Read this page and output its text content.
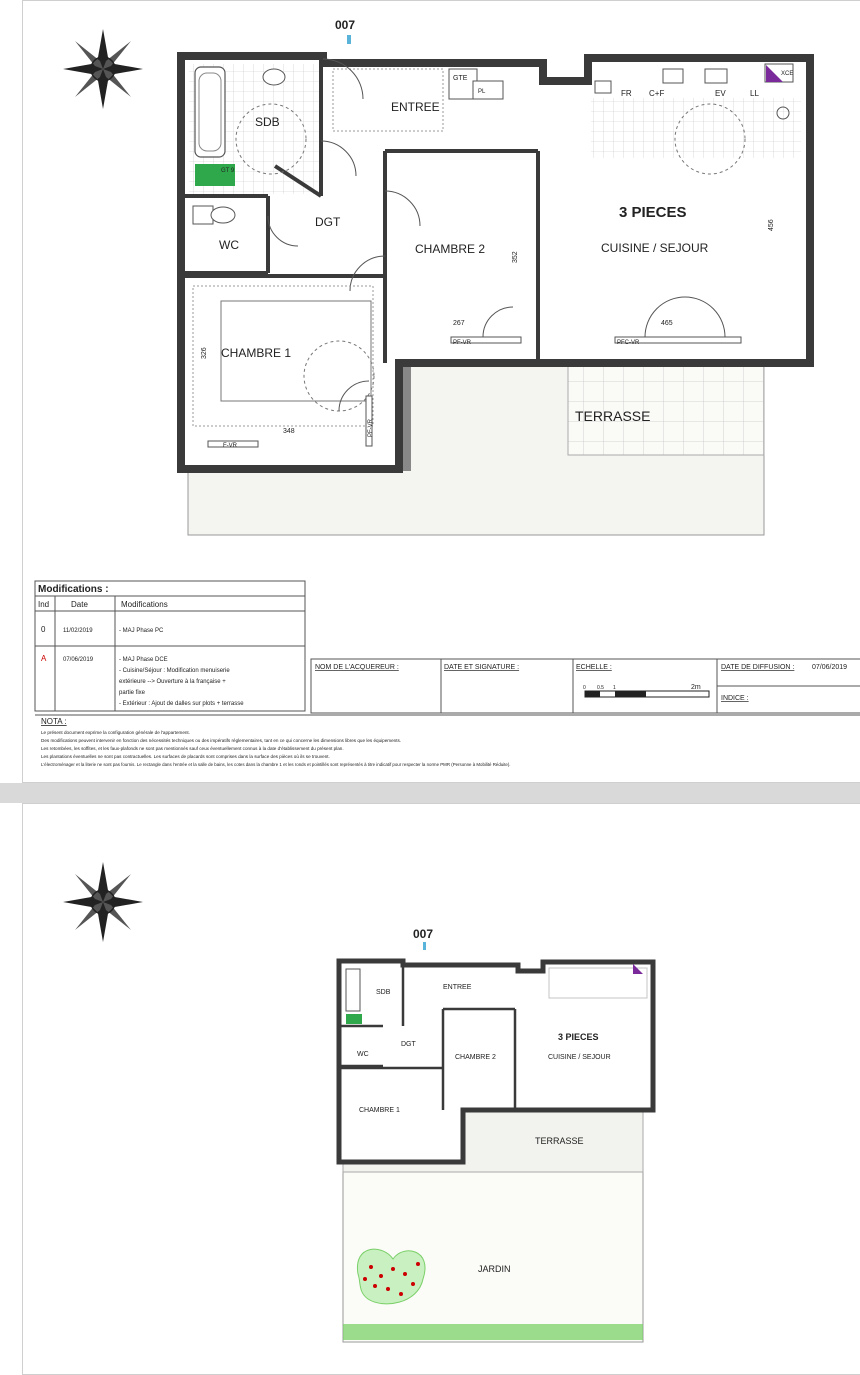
007
SDB
GT 9
WC
GTE
PL
ENTREE
DGT
CHAMBRE 2
352
267
PF-VR
CHAMBRE 1
326
348
F-VR
PF-VR
FR C+F	EV	LL
XCE
3 PIECES
CUISINE / SEJOUR
456
465
PFC-VR
TERRASSE
Modifications :
Ind	Date	Modifications
0	11/02/2019	- MAJ Phase PC
A	07/06/2019	- MAJ Phase DCE
- Cuisine/Séjour : Modification menuiserie
extérieure --> Ouverture à la française +
partie fixe
- Extérieur : Ajout de dalles sur plots + terrasse
NOM DE L'ACQUEREUR :	DATE ET SIGNATURE :	ECHELLE :
0 0.5 1	2m
DATE DE DIFFUSION :	07/06/2019
INDICE :
NOTA :
Le présent document exprime la configuration générale de l'appartement.
Des modifications peuvent intervenir en fonction des nécessités techniques ou des impératifs réglementaires, tant en ce qui concerne les dimensions libres que les équipements.
Les retombées, les soffites, et les faux-plafonds ne sont pas mentionnés sauf ceux éventuellement connus à la date d'établissement du présent plan.
Les plantations éventuelles ne sont pas contractuelles. Les surfaces de placards sont comprises dans la surface des pièces où ils se trouvent.
L'électroménager et la literie ne sont pas fournis. Le rectangle dans l'entrée et la salle de bains, les cotes dans la chambre 1 et les ronds et pointillés sont représentés à titre indicatif pour respecter la norme PMR (Personne à Mobilité Réduite).
007
JARDIN
TERRASSE
SDB
ENTREE
DGT
WC	CHAMBRE 2
CHAMBRE 1
3 PIECES
CUISINE / SEJOUR
